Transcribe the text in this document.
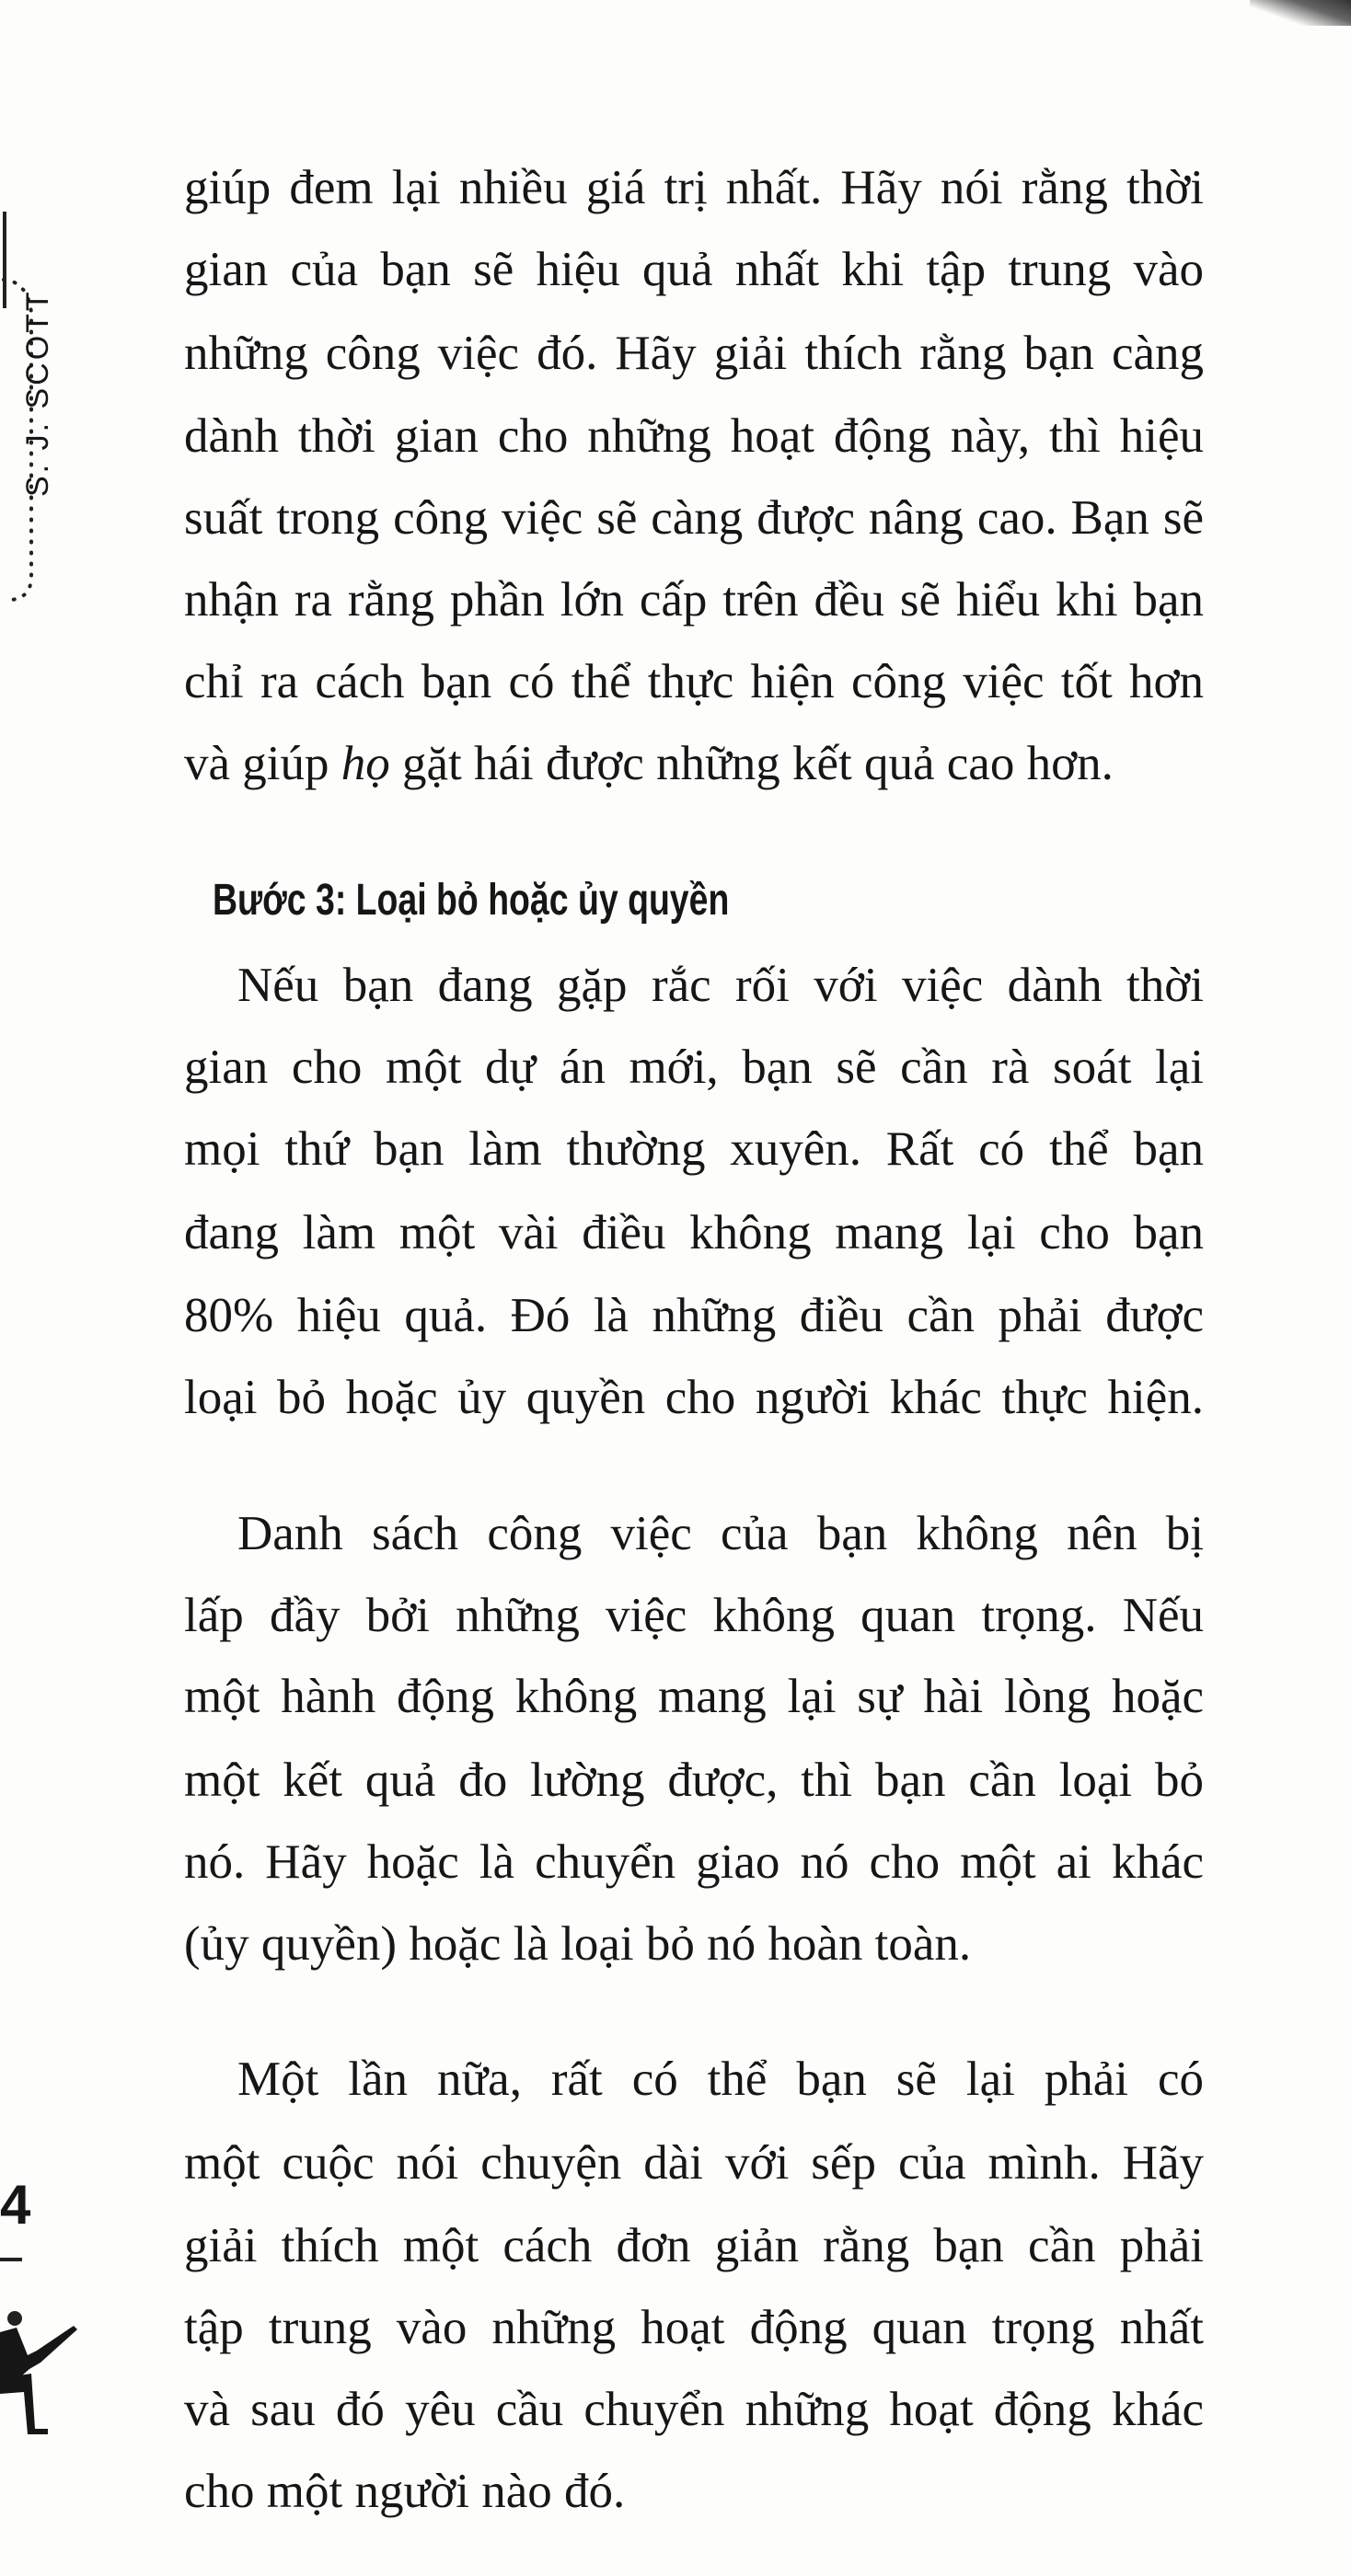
S. J. SCOTT
giúp đem lại nhiều giá trị nhất. Hãy nói rằng thời
gian của bạn sẽ hiệu quả nhất khi tập trung vào
những công việc đó. Hãy giải thích rằng bạn càng
dành thời gian cho những hoạt động này, thì hiệu
suất trong công việc sẽ càng được nâng cao. Bạn sẽ
nhận ra rằng phần lớn cấp trên đều sẽ hiểu khi bạn
chỉ ra cách bạn có thể thực hiện công việc tốt hơn
và giúp họ gặt hái được những kết quả cao hơn.
Bước 3: Loại bỏ hoặc ủy quyền
Nếu bạn đang gặp rắc rối với việc dành thời
gian cho một dự án mới, bạn sẽ cần rà soát lại
mọi thứ bạn làm thường xuyên. Rất có thể bạn
đang làm một vài điều không mang lại cho bạn
80% hiệu quả. Đó là những điều cần phải được
loại bỏ hoặc ủy quyền cho người khác thực hiện.
Danh sách công việc của bạn không nên bị
lấp đầy bởi những việc không quan trọng. Nếu
một hành động không mang lại sự hài lòng hoặc
một kết quả đo lường được, thì bạn cần loại bỏ
nó. Hãy hoặc là chuyển giao nó cho một ai khác
(ủy quyền) hoặc là loại bỏ nó hoàn toàn.
Một lần nữa, rất có thể bạn sẽ lại phải có
một cuộc nói chuyện dài với sếp của mình. Hãy
giải thích một cách đơn giản rằng bạn cần phải
tập trung vào những hoạt động quan trọng nhất
và sau đó yêu cầu chuyển những hoạt động khác
cho một người nào đó.
4
